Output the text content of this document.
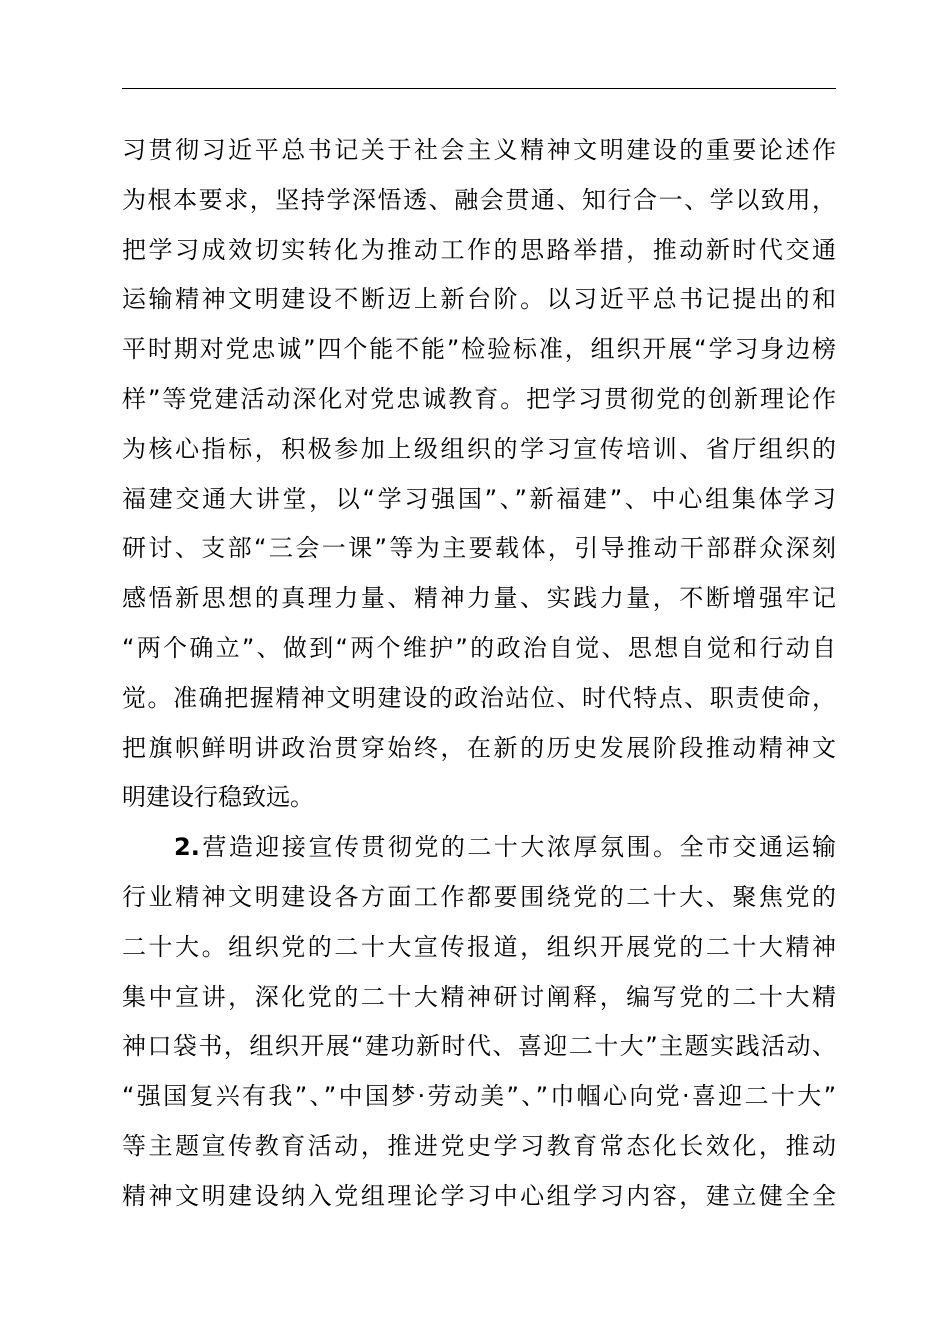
习贯彻习近平总书记关于社会主义精神文明建设的重要论述作
为根本要求，坚持学深悟透、融会贯通、知行合一、学以致用，
把学习成效切实转化为推动工作的思路举措，推动新时代交通
运输精神文明建设不断迈上新台阶。以习近平总书记提出的和
平时期对党忠诚”四个能不能”检验标准，组织开展“学习身边榜
样”等党建活动深化对党忠诚教育。把学习贯彻党的创新理论作
为核心指标，积极参加上级组织的学习宣传培训、省厅组织的
福建交通大讲堂，以“学习强国”、”新福建”、中心组集体学习
研讨、支部“三会一课”等为主要载体，引导推动干部群众深刻
感悟新思想的真理力量、精神力量、实践力量，不断增强牢记
“两个确立”、做到“两个维护”的政治自觉、思想自觉和行动自
觉。准确把握精神文明建设的政治站位、时代特点、职责使命，
把旗帜鲜明讲政治贯穿始终，在新的历史发展阶段推动精神文
明建设行稳致远。
2.营造迎接宣传贯彻党的二十大浓厚氛围。全市交通运输
行业精神文明建设各方面工作都要围绕党的二十大、聚焦党的
二十大。组织党的二十大宣传报道，组织开展党的二十大精神
集中宣讲，深化党的二十大精神研讨阐释，编写党的二十大精
神口袋书，组织开展“建功新时代、喜迎二十大”主题实践活动、
“强国复兴有我”、”中国梦·劳动美”、”巾帼心向党·喜迎二十大”
等主题宣传教育活动，推进党史学习教育常态化长效化，推动
精神文明建设纳入党组理论学习中心组学习内容，建立健全全
